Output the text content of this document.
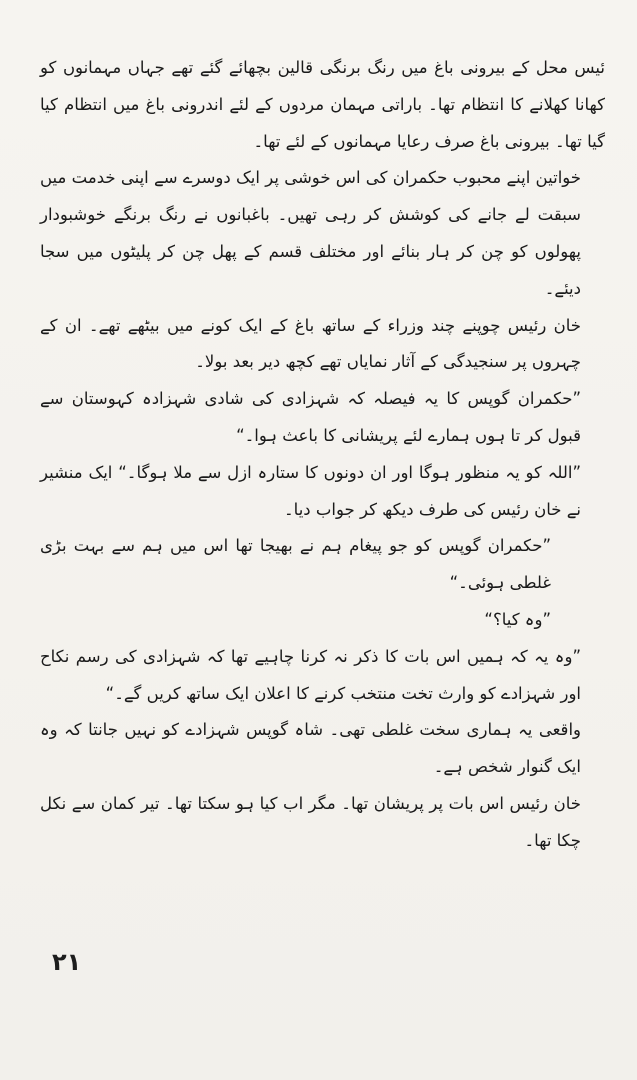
ئیس محل کے بیرونی باغ میں رنگ برنگی قالین بچھائے گئے تھے جہاں مہمانوں کو کھانا کھلانے کا انتظام تھا۔ باراتی مہمان مردوں کے لئے اندرونی باغ میں انتظام کیا گیا تھا۔ بیرونی باغ صرف رعایا مہمانوں کے لئے تھا۔

خواتین اپنے محبوب حکمران کی اس خوشی پر ایک دوسرے سے اپنی خدمت میں سبقت لے جانے کی کوشش کر رہی تھیں۔ باغبانوں نے رنگ برنگے خوشبودار پھولوں کو چن کر ہار بنائے اور مختلف قسم کے پھل چن کر پلیٹوں میں سجا دیئے۔

خان رئیس چوپنے چند وزراء کے ساتھ باغ کے ایک کونے میں بیٹھے تھے۔ ان کے چہروں پر سنجیدگی کے آثار نمایاں تھے کچھ دیر بعد بولا۔

”حکمران گوپس کا یہ فیصلہ کہ شہزادی کی شادی شہزادہ کہوستان سے قبول کر تا ہوں ہمارے لئے پریشانی کا باعث ہوا۔“

”اللہ کو یہ منظور ہوگا اور ان دونوں کا ستارہ ازل سے ملا ہوگا۔“ ایک منشیر نے خان رئیس کی طرف دیکھ کر جواب دیا۔

”حکمران گوپس کو جو پیغام ہم نے بھیجا تھا اس میں ہم سے بہت بڑی غلطی ہوئی۔“

”وہ کیا؟“

”وہ یہ کہ ہمیں اس بات کا ذکر نہ کرنا چاہیے تھا کہ شہزادی کی رسم نکاح اور شہزادے کو وارث تخت منتخب کرنے کا اعلان ایک ساتھ کریں گے۔“

واقعی یہ ہماری سخت غلطی تھی۔ شاہ گوپس شہزادے کو نہیں جانتا کہ وہ ایک گنوار شخص ہے۔

خان رئیس اس بات پر پریشان تھا۔ مگر اب کیا ہو سکتا تھا۔ تیر کمان سے نکل چکا تھا۔

۲۱
